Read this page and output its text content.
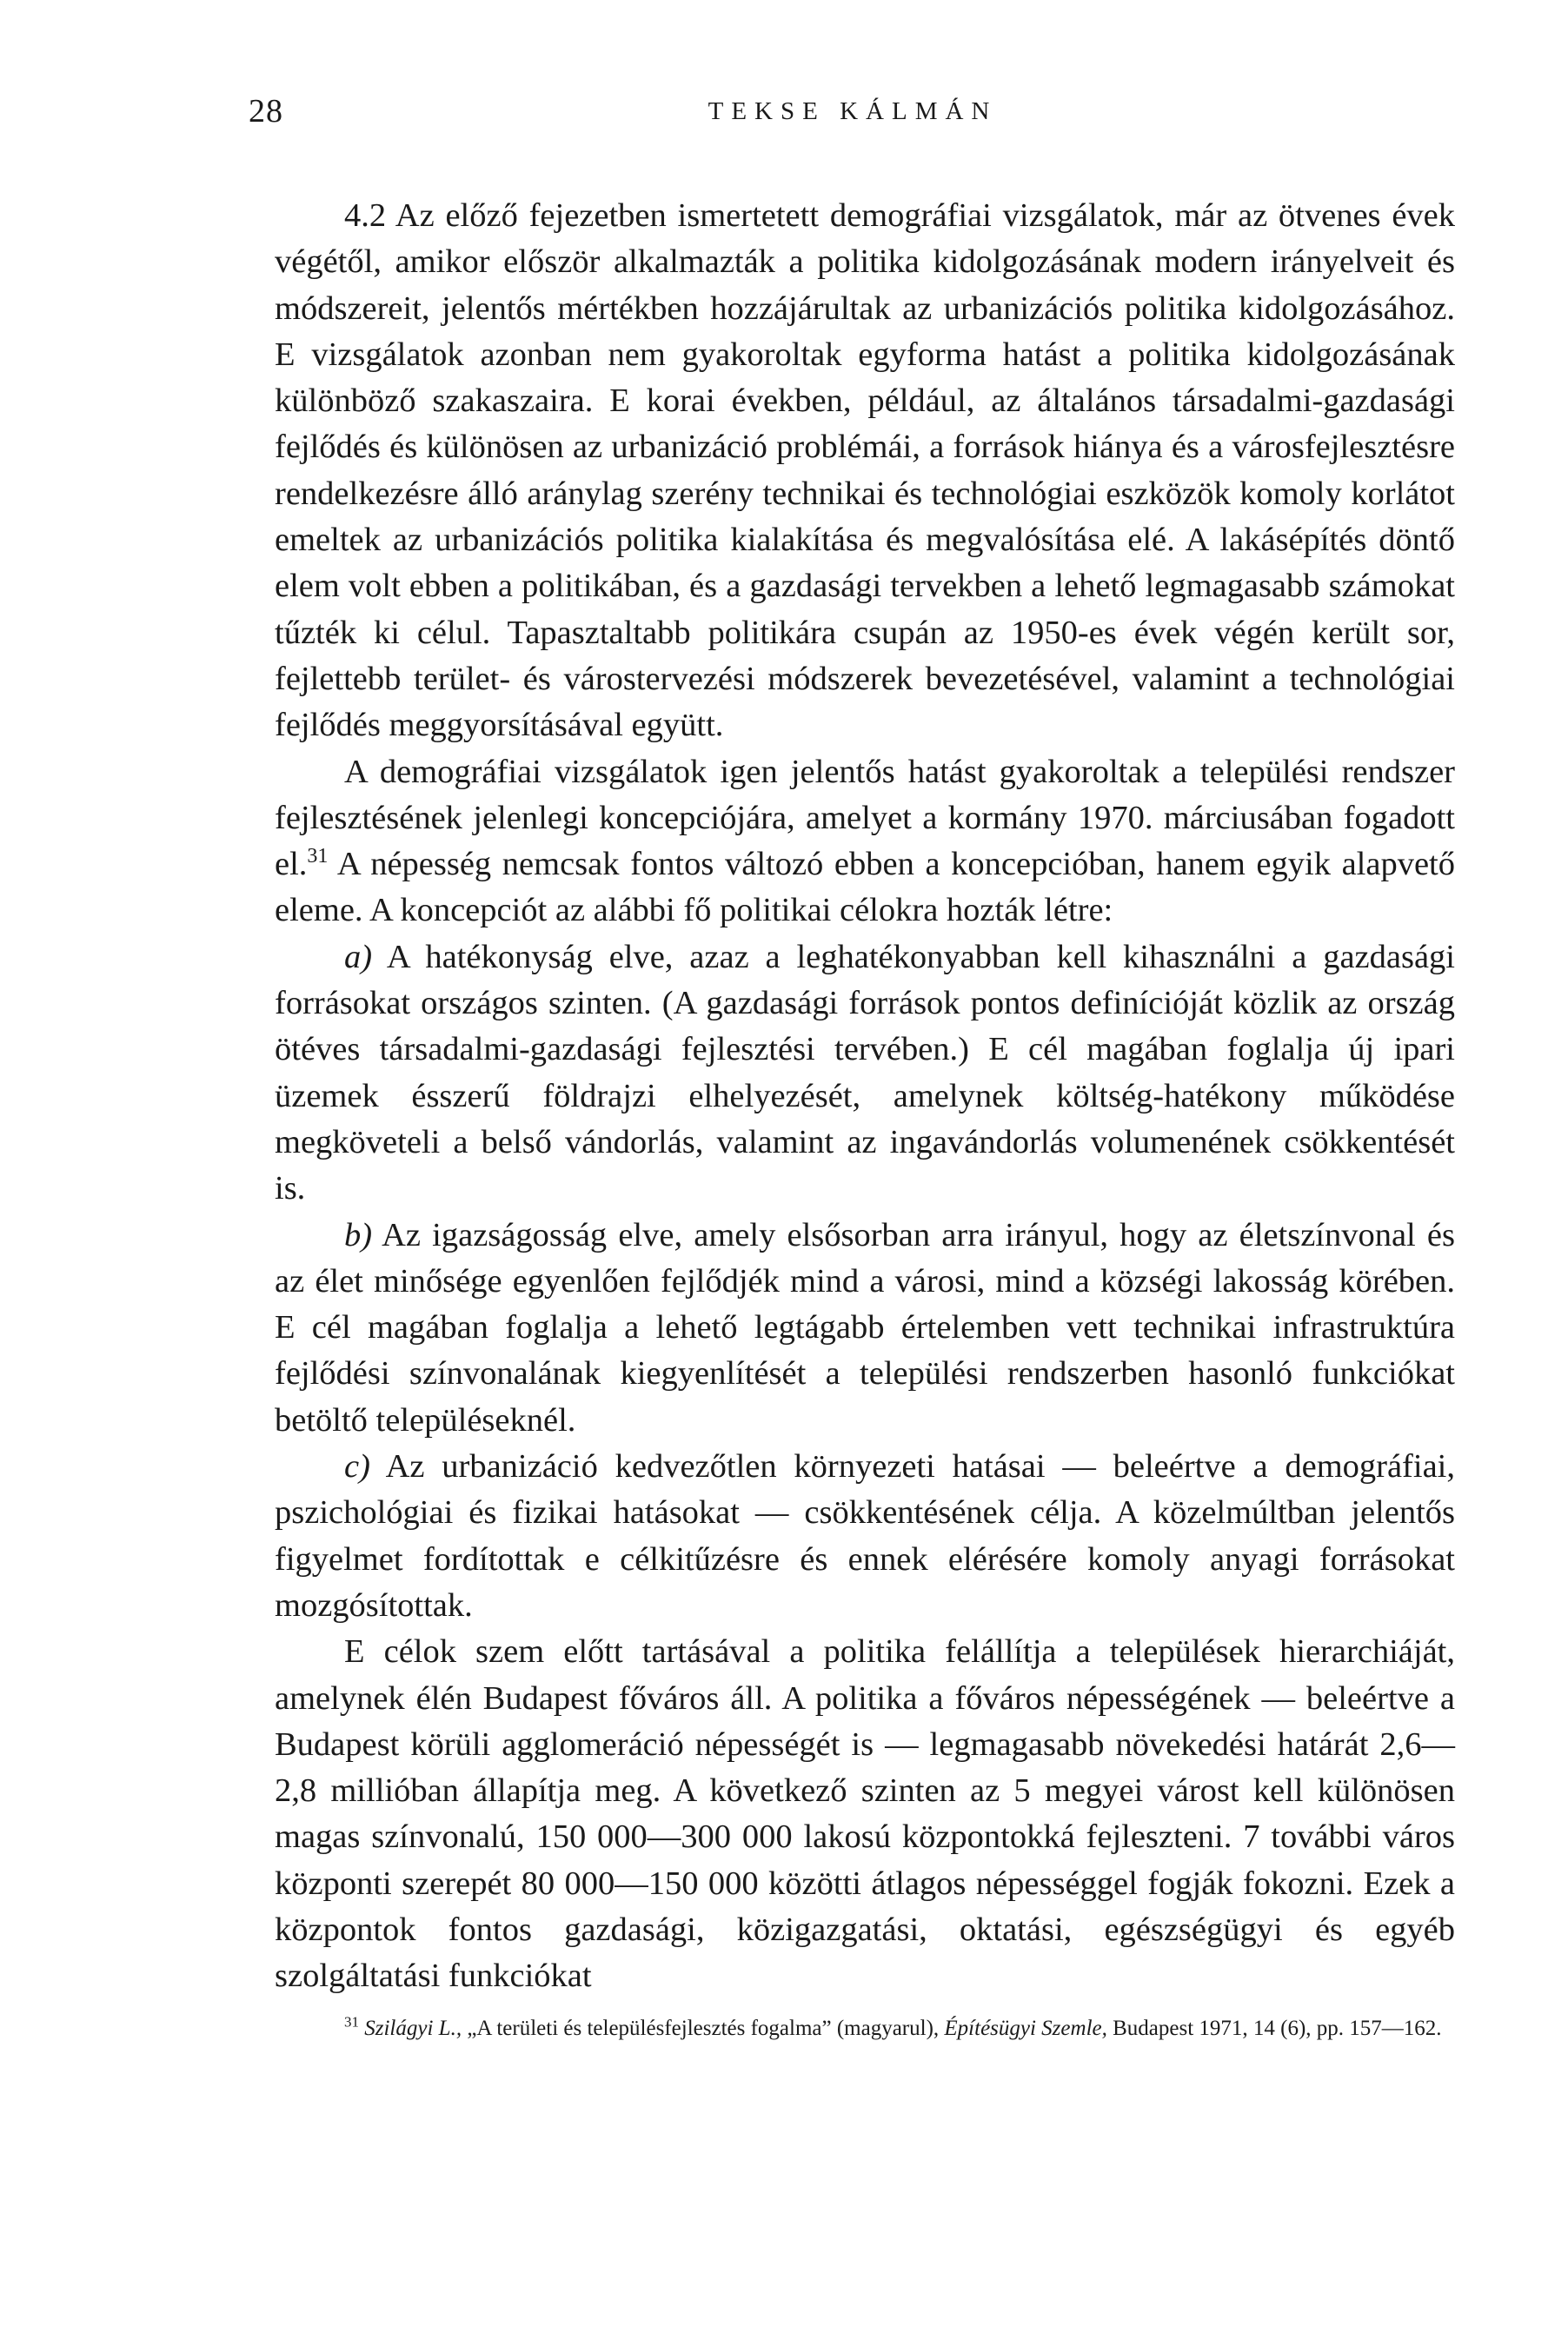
28	TEKSE KÁLMÁN

4.2 Az előző fejezetben ismertetett demográfiai vizsgálatok, már az ötvenes évek végétől, amikor először alkalmazták a politika kidolgozásának modern irányelveit és módszereit, jelentős mértékben hozzájárultak az urbanizációs politika kidolgozásához. E vizsgálatok azonban nem gyakoroltak egyforma hatást a politika kidolgozásának különböző szakaszaira. E korai években, például, az általános társadalmi-gazdasági fejlődés és különösen az urbanizáció problémái, a források hiánya és a városfejlesztésre rendelkezésre álló aránylag szerény technikai és technológiai eszközök komoly korlátot emeltek az urbanizációs politika kialakítása és megvalósítása elé. A lakásépítés döntő elem volt ebben a politikában, és a gazdasági tervekben a lehető legmagasabb számokat tűzték ki célul. Tapasztaltabb politikára csupán az 1950-es évek végén került sor, fejlettebb terület- és várostervezési módszerek bevezetésével, valamint a technológiai fejlődés meggyorsításával együtt.

A demográfiai vizsgálatok igen jelentős hatást gyakoroltak a települési rendszer fejlesztésének jelenlegi koncepciójára, amelyet a kormány 1970. márciusában fogadott el.$^{31}$ A népesség nemcsak fontos változó ebben a koncepcióban, hanem egyik alapvető eleme. A koncepciót az alábbi fő politikai célokra hozták létre:

a) A hatékonyság elve, azaz a leghatékonyabban kell kihasználni a gazdasági forrásokat országos szinten. (A gazdasági források pontos definícióját közlik az ország ötéves társadalmi-gazdasági fejlesztési tervében.) E cél magában foglalja új ipari üzemek ésszerű földrajzi elhelyezését, amelynek költség-hatékony működése megköveteli a belső vándorlás, valamint az ingavándorlás volumenének csökkentését is.

b) Az igazságosság elve, amely elsősorban arra irányul, hogy az életszínvonal és az élet minősége egyenlően fejlődjék mind a városi, mind a községi lakosság körében. E cél magában foglalja a lehető legtágabb értelemben vett technikai infrastruktúra fejlődési színvonalának kiegyenlítését a települési rendszerben hasonló funkciókat betöltő településeknél.

c) Az urbanizáció kedvezőtlen környezeti hatásai — beleértve a demográfiai, pszichológiai és fizikai hatásokat — csökkentésének célja. A közelmúltban jelentős figyelmet fordítottak e célkitűzésre és ennek elérésére komoly anyagi forrásokat mozgósítottak.

E célok szem előtt tartásával a politika felállítja a települések hierarchiáját, amelynek élén Budapest főváros áll. A politika a főváros népességének — beleértve a Budapest körüli agglomeráció népességét is — legmagasabb növekedési határát 2,6—2,8 millióban állapítja meg. A következő szinten az 5 megyei várost kell különösen magas színvonalú, 150 000—300 000 lakosú központokká fejleszteni. 7 további város központi szerepét 80 000—150 000 közötti átlagos népességgel fogják fokozni. Ezek a központok fontos gazdasági, közigazgatási, oktatási, egészségügyi és egyéb szolgáltatási funkciókat

$^{31}$ Szilágyi L., „A területi és településfejlesztés fogalma” (magyarul), Építésügyi Szemle, Budapest 1971, 14 (6), pp. 157—162.
